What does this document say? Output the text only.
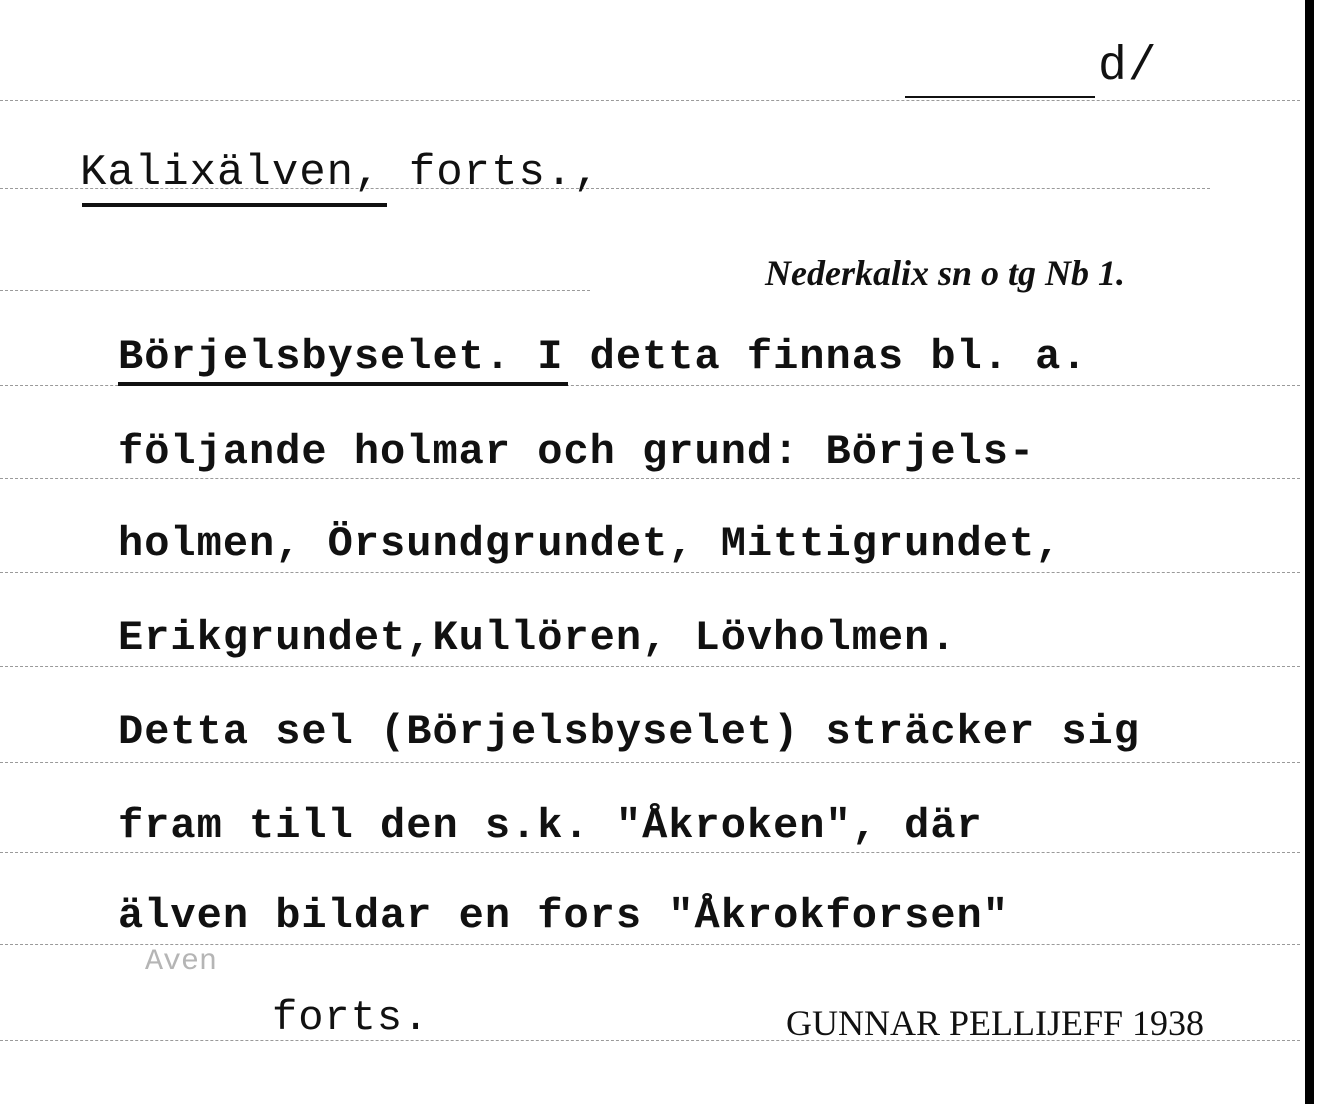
d/
Kalixälven, forts.,
Nederkalix sn o tg Nb 1.
Börjelsbyselet. I detta finnas bl. a.
följande holmar och grund: Börjels-
holmen, Örsundgrundet, Mittigrundet,
Erikgrundet,Kullören, Lövholmen.
Detta sel (Börjelsbyselet) sträcker sig
fram till den s.k. "Åkroken", där
älven bildar en fors "Åkrokforsen"
Aven
forts.	GUNNAR PELLIJEFF 1938
